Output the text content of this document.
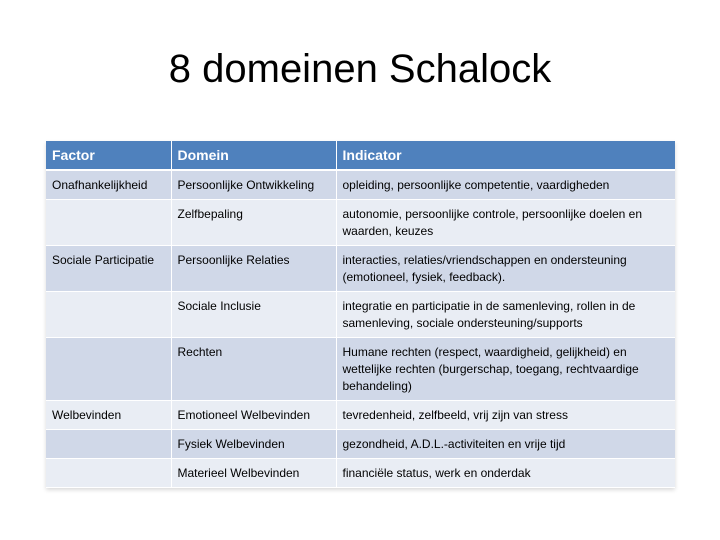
8 domeinen Schalock
Factor	Domein	Indicator
Onafhankelijkheid	Persoonlijke Ontwikkeling	opleiding, persoonlijke competentie, vaardigheden
	Zelfbepaling	autonomie, persoonlijke controle, persoonlijke doelen en waarden, keuzes
Sociale Participatie	Persoonlijke Relaties	interacties, relaties/vriendschappen en ondersteuning (emotioneel, fysiek, feedback).
	Sociale Inclusie	integratie en participatie in de samenleving, rollen in de samenleving, sociale ondersteuning/supports
	Rechten	Humane rechten (respect, waardigheid, gelijkheid) en wettelijke rechten (burgerschap, toegang, rechtvaardige behandeling)
Welbevinden	Emotioneel Welbevinden	tevredenheid, zelfbeeld, vrij zijn van stress
	Fysiek Welbevinden	gezondheid, A.D.L.-activiteiten en vrije tijd
	Materieel Welbevinden	financiële status, werk en onderdak
